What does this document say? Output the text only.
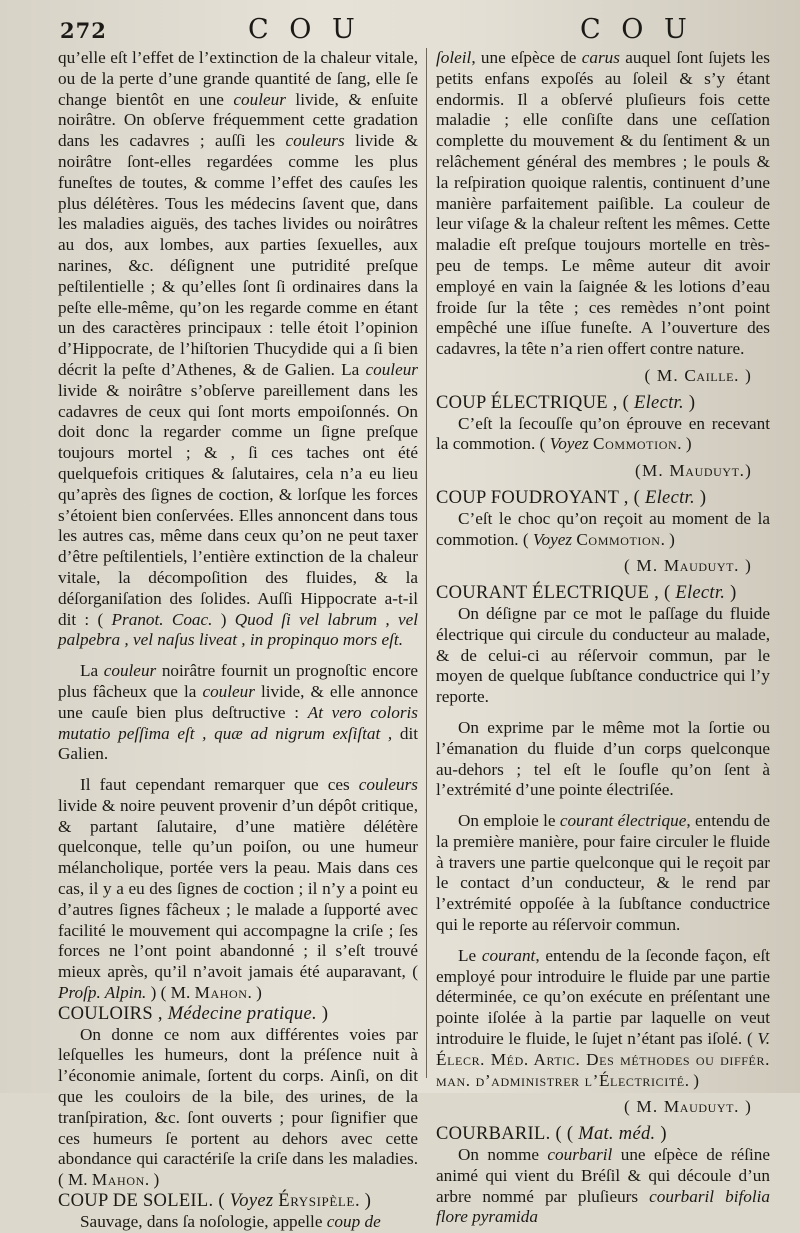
272	C O U	C O U

qu’elle eſt l’effet de l’extinction de la chaleur vitale, ou de la perte d’une grande quantité de ſang, elle ſe change bientôt en une couleur livide, & enſuite noirâtre. On obſerve fréquemment cette gradation dans les cadavres ; auſſi les couleurs livide & noirâtre ſont-elles regardées comme les plus funeſtes de toutes, & comme l’effet des cauſes les plus délétères. Tous les médecins ſavent que, dans les maladies aiguës, des taches livides ou noirâtres au dos, aux lombes, aux parties ſexuelles, aux narines, &c. déſignent une putridité preſque peſtilentielle ; & qu’elles ſont ſi ordinaires dans la peſte elle-même, qu’on les regarde comme en étant un des caractères principaux : telle étoit l’opinion d’Hippocrate, de l’hiſtorien Thucydide qui a ſi bien décrit la peſte d’Athenes, & de Galien. La couleur livide & noirâtre s’obſerve pareillement dans les cadavres de ceux qui ſont morts empoiſonnés. On doit donc la regarder comme un ſigne preſque toujours mortel ; & , ſi ces taches ont été quelquefois critiques & ſalutaires, cela n’a eu lieu qu’après des ſignes de coction, & lorſque les forces s’étoient bien conſervées. Elles annoncent dans tous les autres cas, même dans ceux qu’on ne peut taxer d’être peſtilentiels, l’entière extinction de la chaleur vitale, la décompoſition des fluides, & la déſorganiſation des ſolides. Auſſi Hippocrate a-t-il dit : ( Pranot. Coac. ) Quod ſi vel labrum , vel palpebra , vel naſus liveat , in propinquo mors eſt.

La couleur noirâtre fournit un prognoſtic encore plus fâcheux que la couleur livide, & elle annonce une cauſe bien plus deſtructive : At vero coloris mutatio peſſima eſt , quæ ad nigrum exſiſtat , dit Galien.

Il faut cependant remarquer que ces couleurs livide & noire peuvent provenir d’un dépôt critique, & partant ſalutaire, d’une matière délétère quelconque, telle qu’un poiſon, ou une humeur mélancholique, portée vers la peau. Mais dans ces cas, il y a eu des ſignes de coction ; il n’y a point eu d’autres ſignes fâcheux ; le malade a ſupporté avec facilité le mouvement qui accompagne la criſe ; ſes forces ne l’ont point abandonné ; il s’eſt trouvé mieux après, qu’il n’avoit jamais été auparavant, ( Proſp. Alpin. ) ( M. Mahon. )

COULOIRS , Médecine pratique. )

On donne ce nom aux différentes voies par leſquelles les humeurs, dont la préſence nuit à l’économie animale, ſortent du corps. Ainſi, on dit que les couloirs de la bile, des urines, de la tranſpiration, &c. ſont ouverts ; pour ſignifier que ces humeurs ſe portent au dehors avec cette abondance qui caractériſe la criſe dans les maladies. ( M. Mahon. )

COUP DE SOLEIL. ( Voyez Érysipèle. )

Sauvage, dans ſa noſologie, appelle coup de

ſoleil, une eſpèce de carus auquel ſont ſujets les petits enfans expoſés au ſoleil & s’y étant endormis. Il a obſervé pluſieurs fois cette maladie ; elle conſiſte dans une ceſſation complette du mouvement & du ſentiment & un relâchement général des membres ; le pouls & la reſpiration quoique ralentis, continuent d’une manière parfaitement paiſible. La couleur de leur viſage & la chaleur reſtent les mêmes. Cette maladie eſt preſque toujours mortelle en très-peu de temps. Le même auteur dit avoir employé en vain la ſaignée & les lotions d’eau froide ſur la tête ; ces remèdes n’ont point empêché une iſſue funeſte. A l’ouverture des cadavres, la tête n’a rien offert contre nature.

( M. Caille. )

COUP ÉLECTRIQUE , ( Electr. )

C’eſt la ſecouſſe qu’on éprouve en recevant la commotion. ( Voyez Commotion. )

(M. Mauduyt.)

COUP FOUDROYANT , ( Electr. )

C’eſt le choc qu’on reçoit au moment de la commotion. ( Voyez Commotion. )

( M. Mauduyt. )

COURANT ÉLECTRIQUE , ( Electr. )

On déſigne par ce mot le paſſage du fluide électrique qui circule du conducteur au malade, & de celui-ci au réſervoir commun, par le moyen de quelque ſubſtance conductrice qui l’y reporte.

On exprime par le même mot la ſortie ou l’émanation du fluide d’un corps quelconque au-dehors ; tel eſt le ſoufle qu’on ſent à l’extrémité d’une pointe électriſée.

On emploie le courant électrique, entendu de la première manière, pour faire circuler le fluide à travers une partie quelconque qui le reçoit par le contact d’un conducteur, & le rend par l’extrémité oppoſée à la ſubſtance conductrice qui le reporte au réſervoir commun.

Le courant, entendu de la ſeconde façon, eſt employé pour introduire le fluide par une partie déterminée, ce qu’on exécute en préſentant une pointe iſolée à la partie par laquelle on veut introduire le fluide, le ſujet n’étant pas iſolé. ( V. Élecr. Méd. Artic. Des méthodes ou différ. man. d’administrer l’Électricité. )

( M. Mauduyt. )

COURBARIL. ( ( Mat. méd. )

On nomme courbaril une eſpèce de réſine animé qui vient du Bréſil & qui découle d’un arbre nommé par pluſieurs courbaril bifolia flore pyramida
